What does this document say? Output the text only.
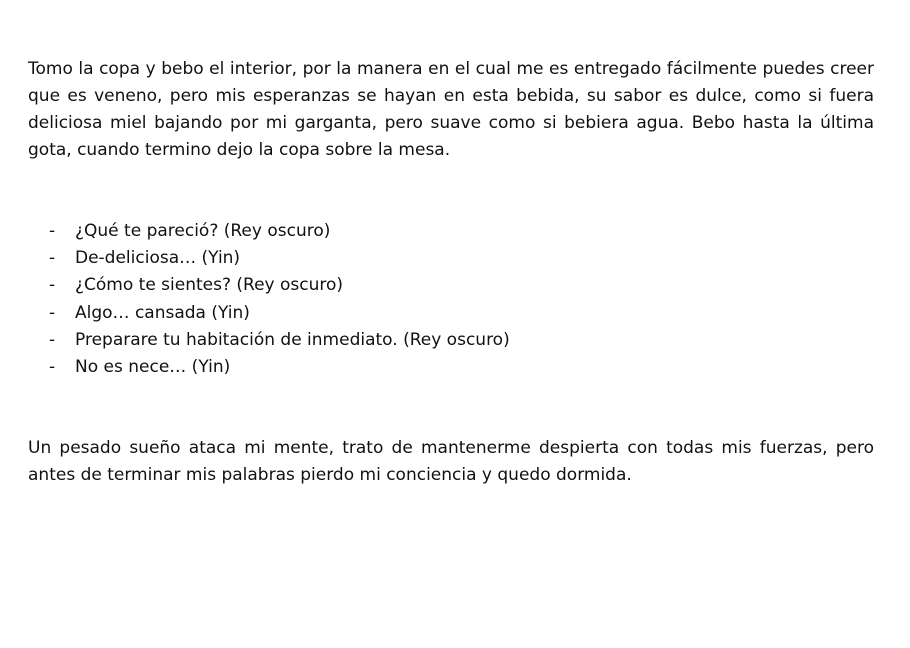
Tomo la copa y bebo el interior, por la manera en el cual me es entregado fácilmente puedes creer que es veneno, pero mis esperanzas se hayan en esta bebida, su sabor es dulce, como si fuera deliciosa miel bajando por mi garganta, pero suave como si bebiera agua. Bebo hasta la última gota, cuando termino dejo la copa sobre la mesa.

- ¿Qué te pareció? (Rey oscuro)
- De-deliciosa… (Yin)
- ¿Cómo te sientes? (Rey oscuro)
- Algo… cansada (Yin)
- Preparare tu habitación de inmediato. (Rey oscuro)
- No es nece… (Yin)

Un pesado sueño ataca mi mente, trato de mantenerme despierta con todas mis fuerzas, pero antes de terminar mis palabras pierdo mi conciencia y quedo dormida.
